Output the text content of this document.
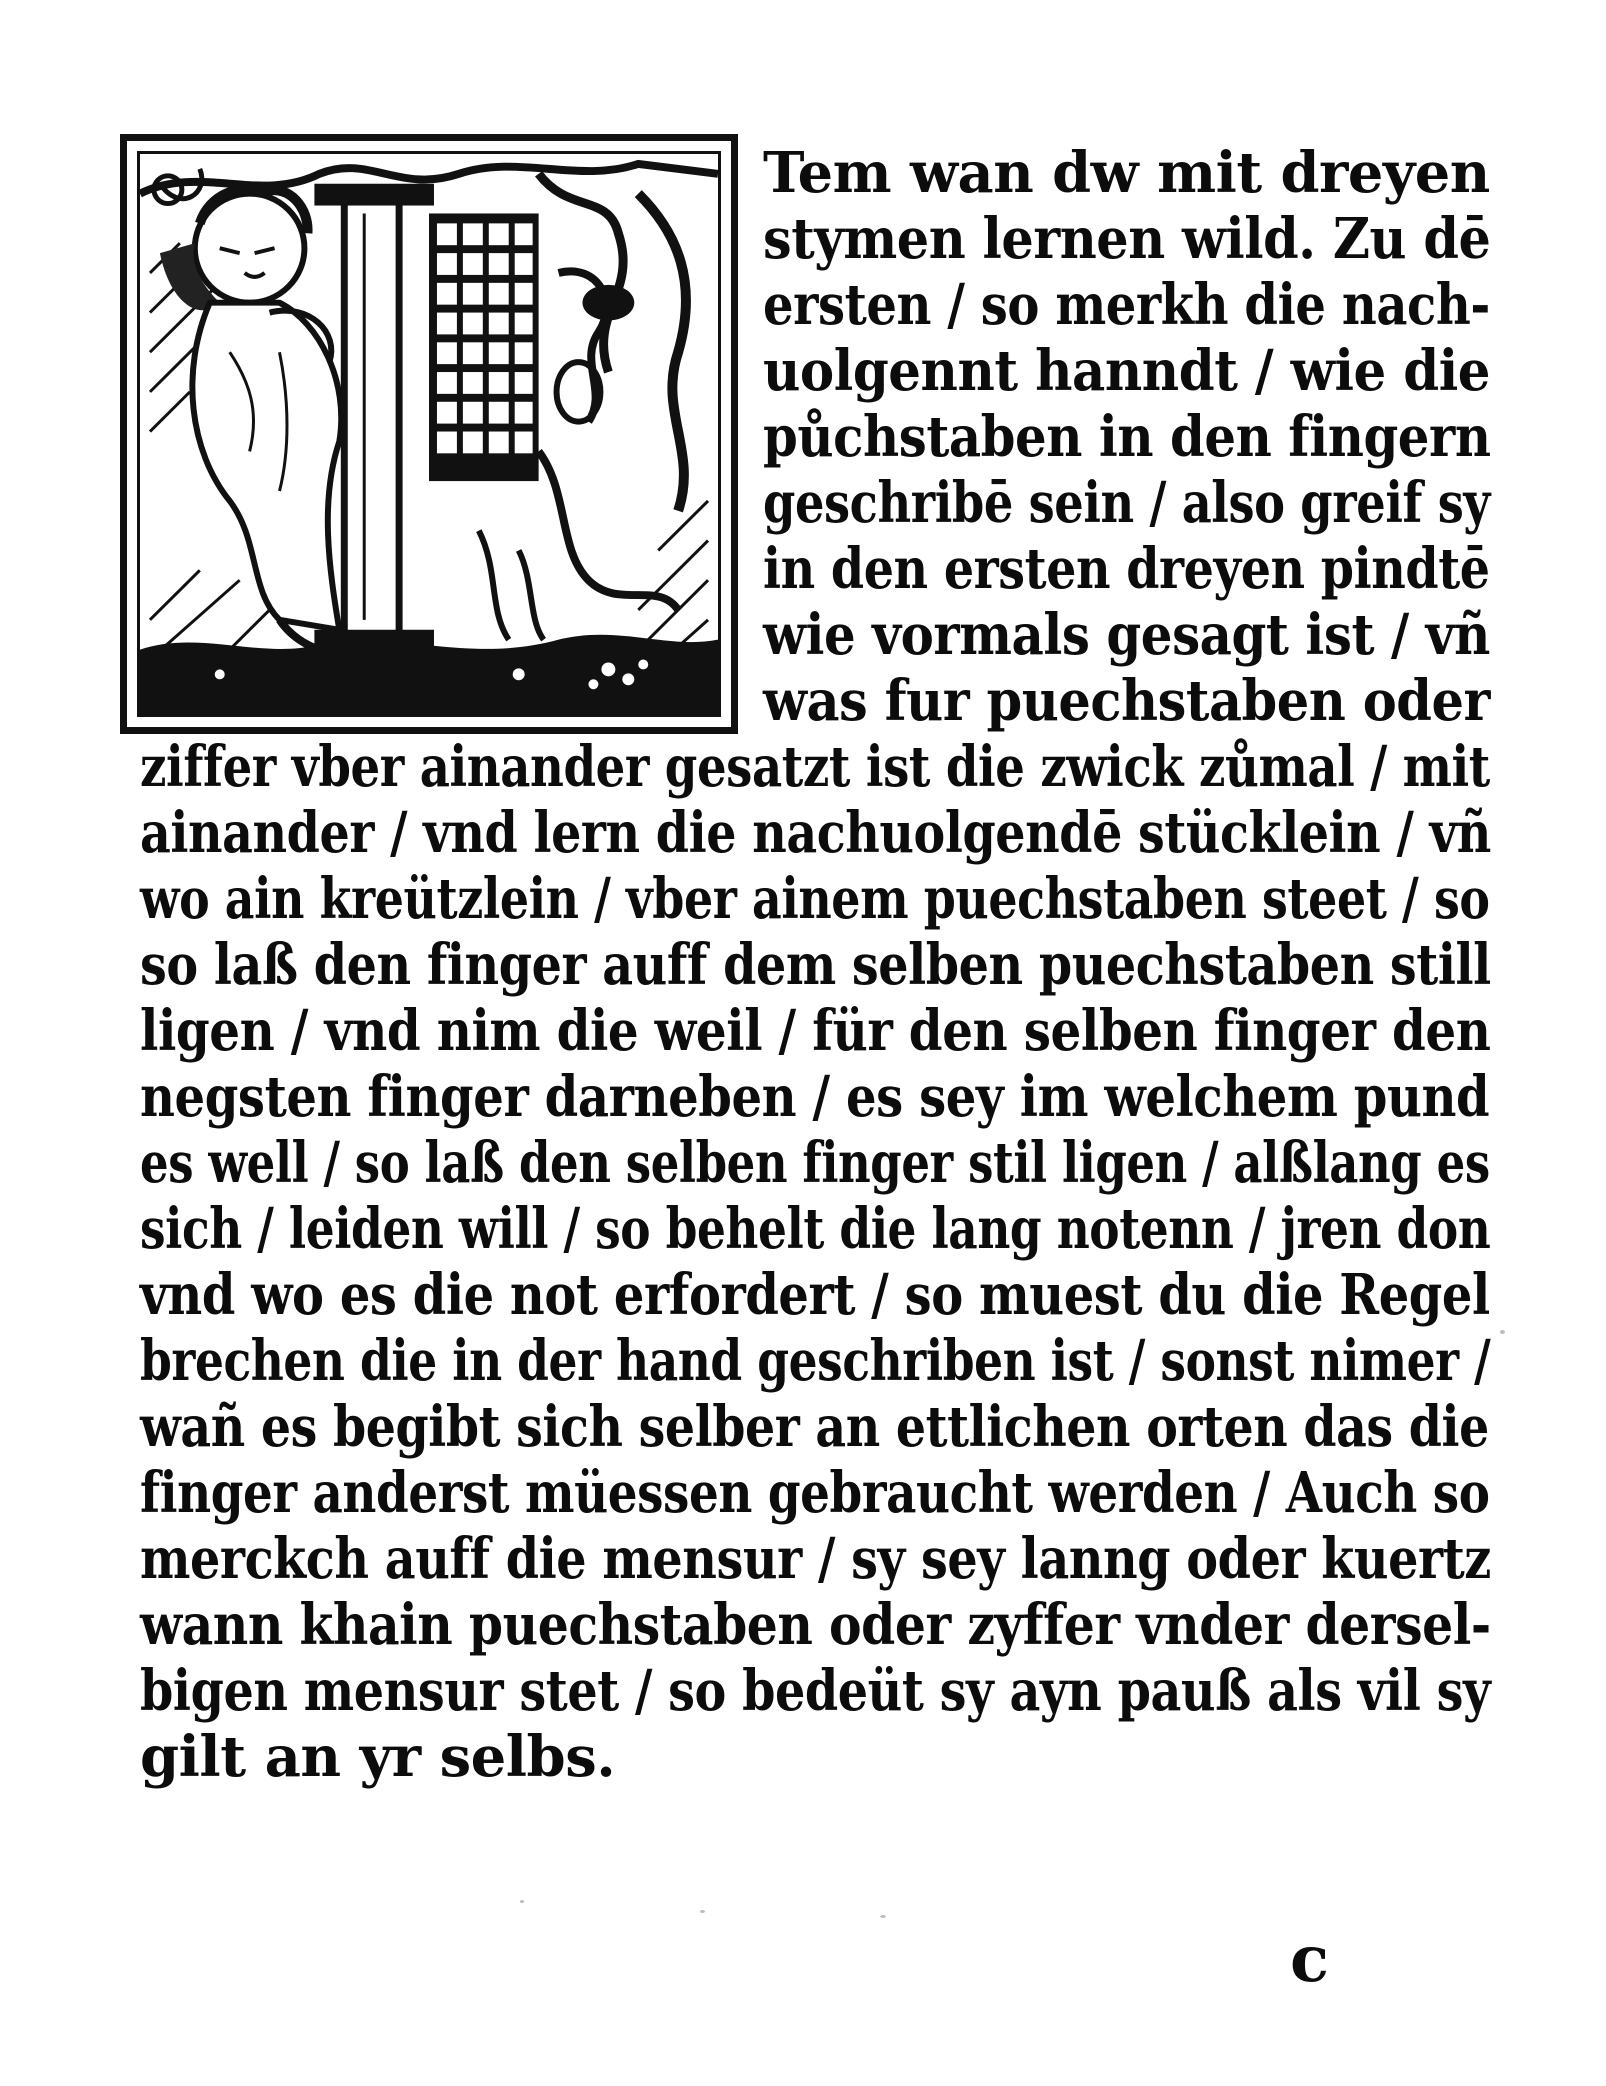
Tem wan dw mit dreyen
stymen lernen wild. Zu dē
ersten / so merkh die nach-
uolgennt hanndt / wie die
půchstaben in den fingern
geschribē sein / also greif sy
in den ersten dreyen pindtē
wie vormals gesagt ist / vñ
was fur puechstaben oder
ziffer vber ainander gesatzt ist die zwick zůmal / mit
ainander / vnd lern die nachuolgendē stücklein / vñ
wo ain kreützlein / vber ainem puechstaben steet / so
so laß den finger auff dem selben puechstaben still
ligen / vnd nim die weil / für den selben finger den
negsten finger darneben / es sey im welchem pund
es well / so laß den selben finger stil ligen / alßlang es
sich / leiden will / so behelt die lang notenn / jren don
vnd wo es die not erfordert / so muest du die Regel
brechen die in der hand geschriben ist / sonst nimer /
wañ es begibt sich selber an ettlichen orten das die
finger anderst müessen gebraucht werden / Auch so
merckch auff die mensur / sy sey lanng oder kuertz
wann khain puechstaben oder zyffer vnder dersel-
bigen mensur stet / so bedeüt sy ayn pauß als vil sy
gilt an yr selbs.
c
